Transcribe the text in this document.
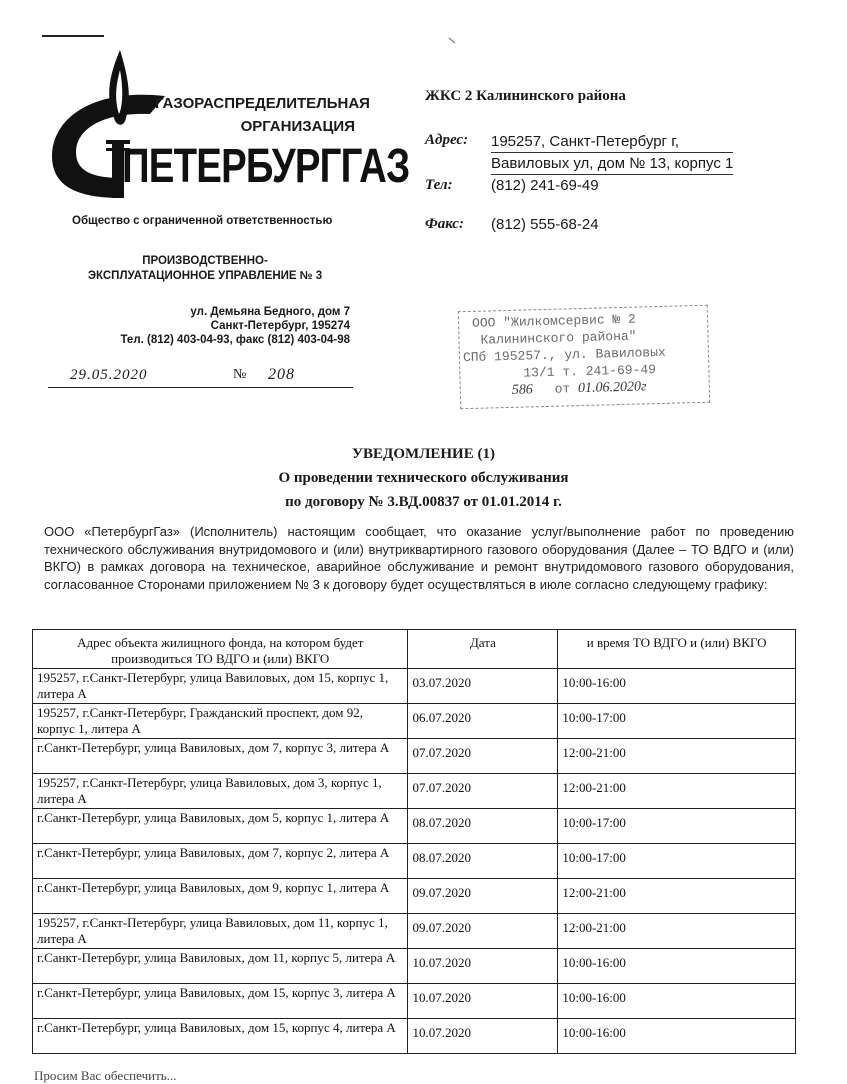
ГАЗОРАСПРЕДЕЛИТЕЛЬНАЯ
ОРГАНИЗАЦИЯ
ПЕТЕРБУРГГАЗ
Общество с ограниченной ответственностью
ПРОИЗВОДСТВЕННО-
ЭКСПЛУАТАЦИОННОЕ УПРАВЛЕНИЕ № 3
ул. Демьяна Бедного, дом 7
Санкт-Петербург, 195274
Тел. (812) 403-04-93, факс (812) 403-04-98
29.05.2020	№ 208
ЖКС 2 Калининского района
Адрес: 195257, Санкт-Петербург г,
Вавиловых ул, дом № 13, корпус 1
Тел:	(812) 241-69-49
Факс: (812) 555-68-24
ООО "Жилкомсервис № 2
Калининского района"
СПб 195257., ул. Вавиловых
13/1 т. 241-69-49
586 от 01.06.2020г
УВЕДОМЛЕНИЕ (1)
О проведении технического обслуживания
по договору № 3.ВД.00837 от 01.01.2014 г.
ООО «ПетербургГаз» (Исполнитель) настоящим сообщает, что оказание услуг/выполнение работ по проведению технического обслуживания внутридомового и (или) внутриквартирного газового оборудования (Далее – ТО ВДГО и (или) ВКГО) в рамках договора на техническое, аварийное обслуживание и ремонт внутридомового газового оборудования, согласованное Сторонами приложением № 3 к договору будет осуществляться в июле согласно следующему графику:
Адрес объекта жилищного фонда, на котором будет производиться ТО ВДГО и (или) ВКГО	Дата	и время ТО ВДГО и (или) ВКГО
195257, г.Санкт-Петербург, улица Вавиловых, дом 15, корпус 1, литера А	03.07.2020	10:00-16:00
195257, г.Санкт-Петербург, Гражданский проспект, дом 92, корпус 1, литера А	06.07.2020	10:00-17:00
г.Санкт-Петербург, улица Вавиловых, дом 7, корпус 3, литера А	07.07.2020	12:00-21:00
195257, г.Санкт-Петербург, улица Вавиловых, дом 3, корпус 1, литера А	07.07.2020	12:00-21:00
г.Санкт-Петербург, улица Вавиловых, дом 5, корпус 1, литера А	08.07.2020	10:00-17:00
г.Санкт-Петербург, улица Вавиловых, дом 7, корпус 2, литера А	08.07.2020	10:00-17:00
г.Санкт-Петербург, улица Вавиловых, дом 9, корпус 1, литера А	09.07.2020	12:00-21:00
195257, г.Санкт-Петербург, улица Вавиловых, дом 11, корпус 1, литера А	09.07.2020	12:00-21:00
г.Санкт-Петербург, улица Вавиловых, дом 11, корпус 5, литера А	10.07.2020	10:00-16:00
г.Санкт-Петербург, улица Вавиловых, дом 15, корпус 3, литера А	10.07.2020	10:00-16:00
г.Санкт-Петербург, улица Вавиловых, дом 15, корпус 4, литера А	10.07.2020	10:00-16:00
Просим Вас обеспечить...
